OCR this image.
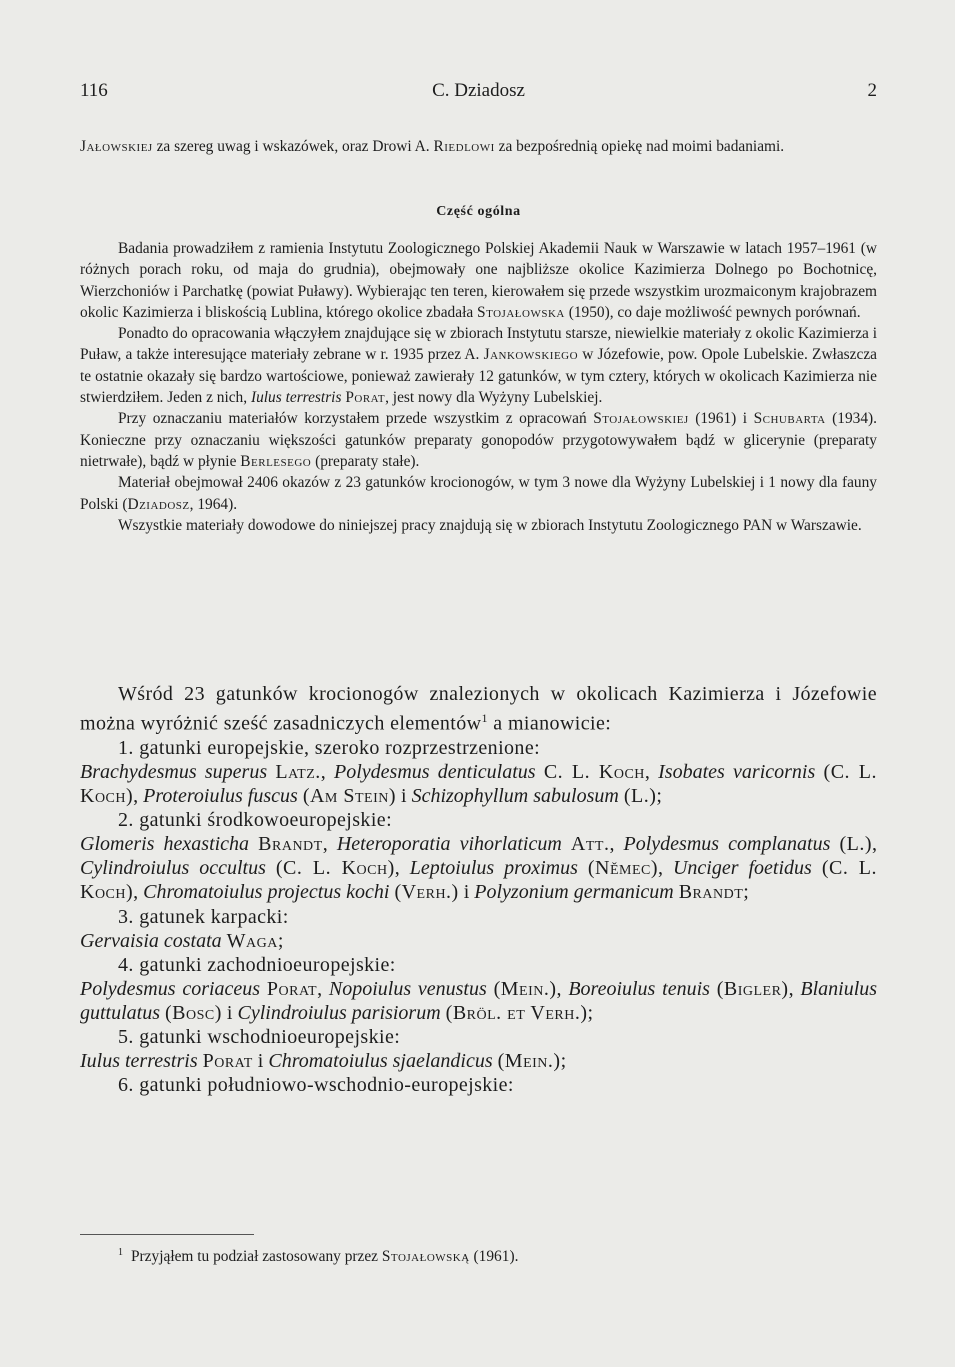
116	C. Dziadosz	2

Jałowskiej za szereg uwag i wskazówek, oraz Drowi A. Riedlowi za bezpośrednią opiekę nad moimi badaniami.

Część ogólna

Badania prowadziłem z ramienia Instytutu Zoologicznego Polskiej Akademii Nauk w Warszawie w latach 1957–1961 (w różnych porach roku, od maja do grudnia), obejmowały one najbliższe okolice Kazimierza Dolnego po Bochotnicę, Wierzchoniów i Parchatkę (powiat Puławy). Wybierając ten teren, kierowałem się przede wszystkim urozmaiconym krajobrazem okolic Kazimierza i bliskością Lublina, którego okolice zbadała Stojałowska (1950), co daje możliwość pewnych porównań.

Ponadto do opracowania włączyłem znajdujące się w zbiorach Instytutu starsze, niewielkie materiały z okolic Kazimierza i Puław, a także interesujące materiały zebrane w r. 1935 przez A. Jankowskiego w Józefowie, pow. Opole Lubelskie. Zwłaszcza te ostatnie okazały się bardzo wartościowe, ponieważ zawierały 12 gatunków, w tym cztery, których w okolicach Kazimierza nie stwierdziłem. Jeden z nich, Iulus terrestris Porat, jest nowy dla Wyżyny Lubelskiej.

Przy oznaczaniu materiałów korzystałem przede wszystkim z opracowań Stojałowskiej (1961) i Schubarta (1934). Konieczne przy oznaczaniu większości gatunków preparaty gonopodów przygotowywałem bądź w glicerynie (preparaty nietrwałe), bądź w płynie Berlesego (preparaty stałe).

Materiał obejmował 2406 okazów z 23 gatunków krocionogów, w tym 3 nowe dla Wyżyny Lubelskiej i 1 nowy dla fauny Polski (Dziadosz, 1964).

Wszystkie materiały dowodowe do niniejszej pracy znajdują się w zbiorach Instytutu Zoologicznego PAN w Warszawie.

Wśród 23 gatunków krocionogów znalezionych w okolicach Kazimierza i Józefowie można wyróżnić sześć zasadniczych elementów$^1$ a mianowicie:

1. gatunki europejskie, szeroko rozprzestrzenione:

Brachydesmus superus Latz., Polydesmus denticulatus C. L. Koch, Isobates varicornis (C. L. Koch), Proteroiulus fuscus (Am Stein) i Schizophyllum sabulosum (L.);

2. gatunki środkowoeuropejskie:

Glomeris hexasticha Brandt, Heteroporatia vihorlaticum Att., Polydesmus complanatus (L.), Cylindroiulus occultus (C. L. Koch), Leptoiulus proximus (Němec), Unciger foetidus (C. L. Koch), Chromatoiulus projectus kochi (Verh.) i Polyzonium germanicum Brandt;

3. gatunek karpacki:

Gervaisia costata Waga;

4. gatunki zachodnioeuropejskie:

Polydesmus coriaceus Porat, Nopoiulus venustus (Mein.), Boreoiulus tenuis (Bigler), Blaniulus guttulatus (Bosc) i Cylindroiulus parisiorum (Bröl. et Verh.);

5. gatunki wschodnioeuropejskie:

Iulus terrestris Porat i Chromatoiulus sjaelandicus (Mein.);

6. gatunki południowo-wschodnio-europejskie:

$^1$ Przyjąłem tu podział zastosowany przez Stojałowską (1961).
